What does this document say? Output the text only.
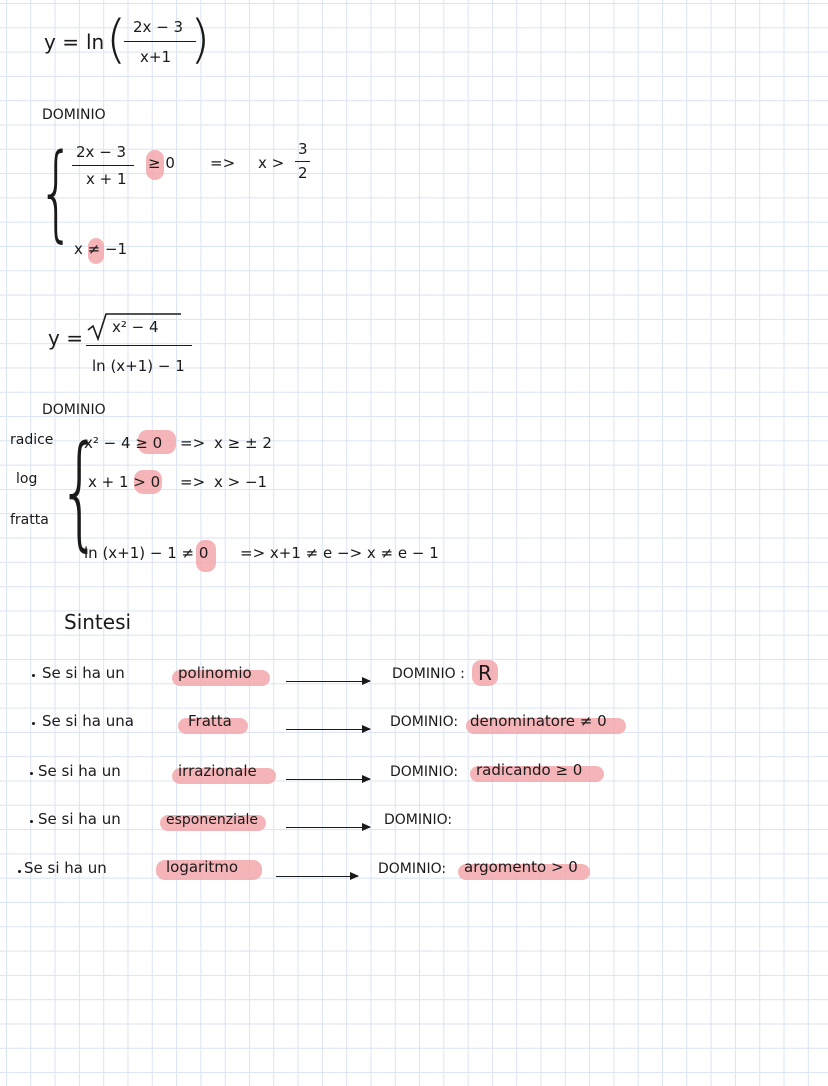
y = ln ( 2x − 3
x+1 )
DOMINIO
{ 2x − 3
x + 1
≥ 0 => x >
3
2
x ≠ −1
y = x² − 4
ln (x+1) − 1
DOMINIO
radice
log
fratta {
x² − 4 ≥ 0 => x ≥ ± 2
x + 1 > 0 => x > −1
ln (x+1) − 1 ≠ 0 => x+1 ≠ e −> x ≠ e − 1
Sintesi
Se si ha un	polinomio	DOMINIO : R
Se si ha una	Fratta	DOMINIO: denominatore ≠ 0
Se si ha un	irrazionale	DOMINIO: radicando ≥ 0
Se si ha un	esponenziale	DOMINIO:
Se si ha un	logaritmo	DOMINIO: argomento > 0
